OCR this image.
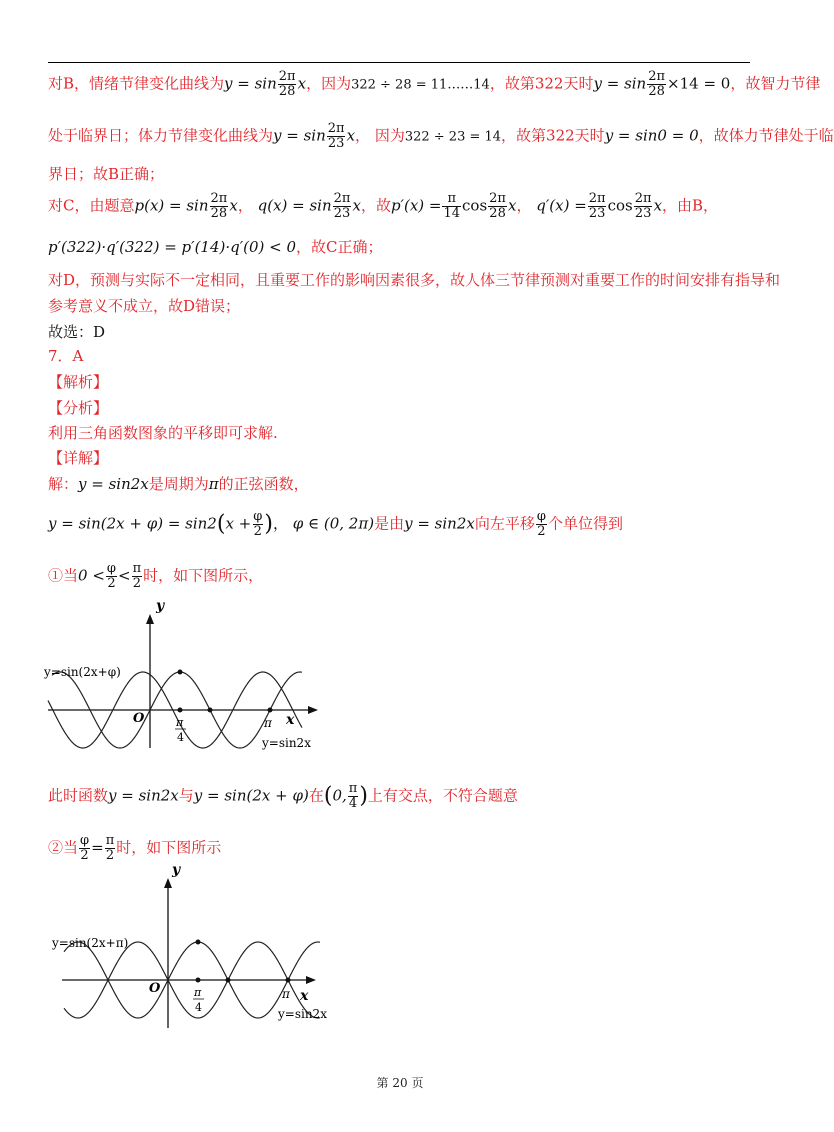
对B，情绪节律变化曲线为$y = \sin \frac{2\pi}{28}$ x，因为322 ÷ 28 = 11……14，故第322天时$y = \sin \frac{2\pi}{28} \times 14 = 0$，故智力节律
处于临界日；体力节律变化曲线为$y = \sin \frac{2\pi}{23}$ x， 因为322 ÷ 23 = 14，故第322天时y = sin0 = 0，故体力节律处于临
界日；故B正确；
对C，由题意$p(x) = \sin \frac{2\pi}{28}$ x， $q(x) = \sin \frac{2\pi}{23}$ x，故$p'(x) = \frac{\pi}{14}$ $\cos \frac{2\pi}{28}$ x， $q'(x) = \frac{2\pi}{23}$ $\cos \frac{2\pi}{23}$ x，由B，
p′(322)·q′(322) = p′(14)·q′(0) < 0，故C正确；
对D，预测与实际不一定相同，且重要工作的影响因素很多，故人体三节律预测对重要工作的时间安排有指导和
参考意义不成立，故D错误；
故选：D
7．A
【解析】
【分析】
利用三角函数图象的平移即可求解.
【详解】
解：y = sin2x是周期为π的正弦函数，
$y = \sin(2x + \varphi) = \sin 2(x + \frac{\varphi}{2}$ )， φ ∈ (0, 2π)是由y = sin2x向左平移 $\frac{\varphi}{2}$ 个单位得到
①当$0 < \frac{\varphi}{2} < \frac{\pi}{2}$ 时，如下图所示，
y
x
O	π
π
4
y=sin(2x+φ)
y=sin2x
此时函数y = sin2x与y = sin(2x + φ)在(0, $\frac{\pi}{4}$ )上有交点，不符合题意
②当 $\frac{\varphi}{2} = \frac{\pi}{2}$ 时，如下图所示
y
x
O	π
π
4
y=sin(2x+π)
y=sin2x
第 20 页
